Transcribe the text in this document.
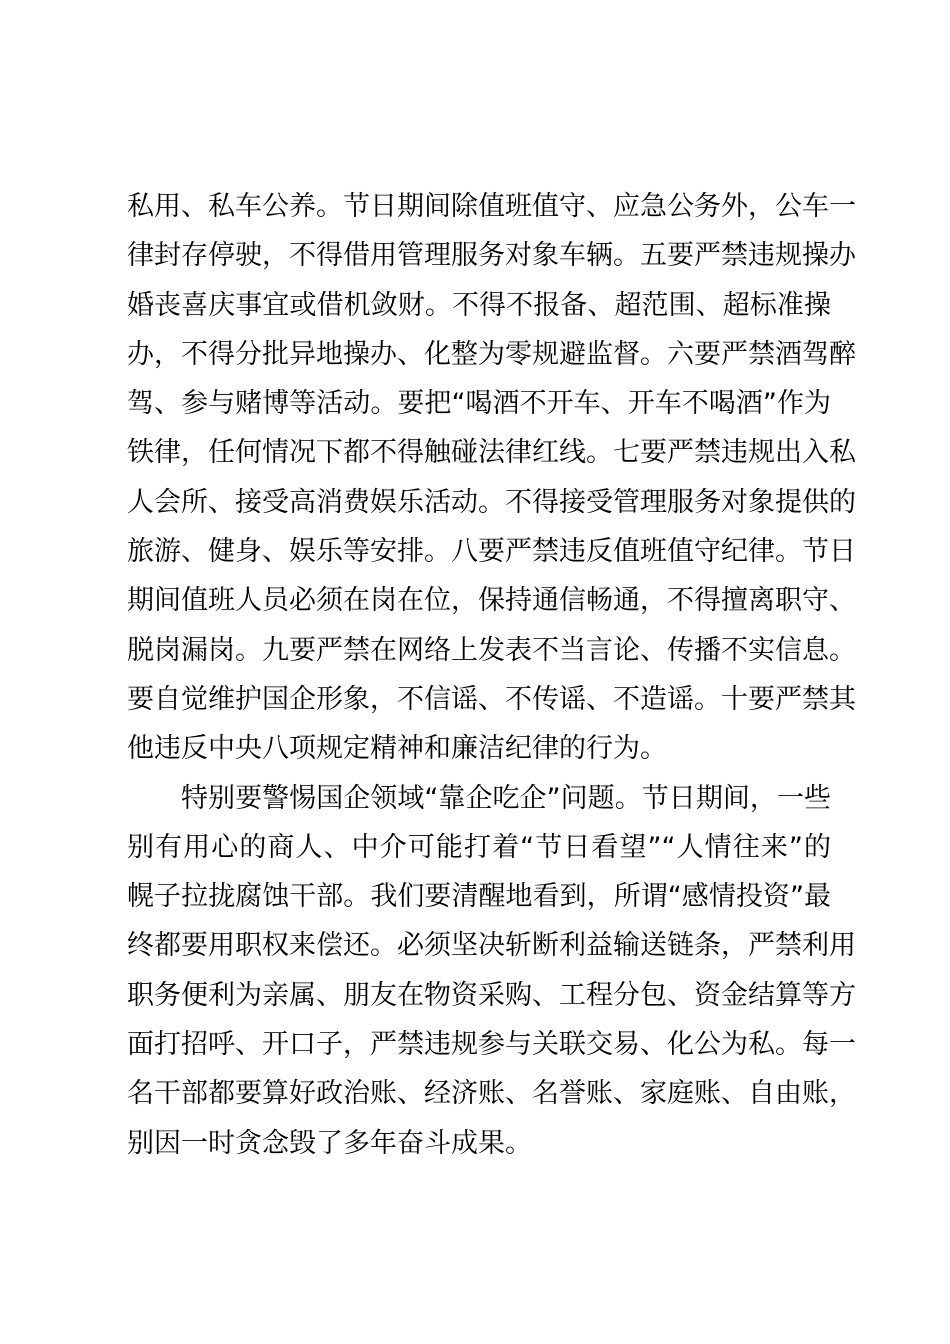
私用、私车公养。节日期间除值班值守、应急公务外，公车一
律封存停驶，不得借用管理服务对象车辆。五要严禁违规操办
婚丧喜庆事宜或借机敛财。不得不报备、超范围、超标准操
办，不得分批异地操办、化整为零规避监督。六要严禁酒驾醉
驾、参与赌博等活动。要把“喝酒不开车、开车不喝酒”作为
铁律，任何情况下都不得触碰法律红线。七要严禁违规出入私
人会所、接受高消费娱乐活动。不得接受管理服务对象提供的
旅游、健身、娱乐等安排。八要严禁违反值班值守纪律。节日
期间值班人员必须在岗在位，保持通信畅通，不得擅离职守、
脱岗漏岗。九要严禁在网络上发表不当言论、传播不实信息。
要自觉维护国企形象，不信谣、不传谣、不造谣。十要严禁其
他违反中央八项规定精神和廉洁纪律的行为。
特别要警惕国企领域“靠企吃企”问题。节日期间，一些
别有用心的商人、中介可能打着“节日看望”“人情往来”的
幌子拉拢腐蚀干部。我们要清醒地看到，所谓“感情投资”最
终都要用职权来偿还。必须坚决斩断利益输送链条，严禁利用
职务便利为亲属、朋友在物资采购、工程分包、资金结算等方
面打招呼、开口子，严禁违规参与关联交易、化公为私。每一
名干部都要算好政治账、经济账、名誉账、家庭账、自由账，
别因一时贪念毁了多年奋斗成果。
